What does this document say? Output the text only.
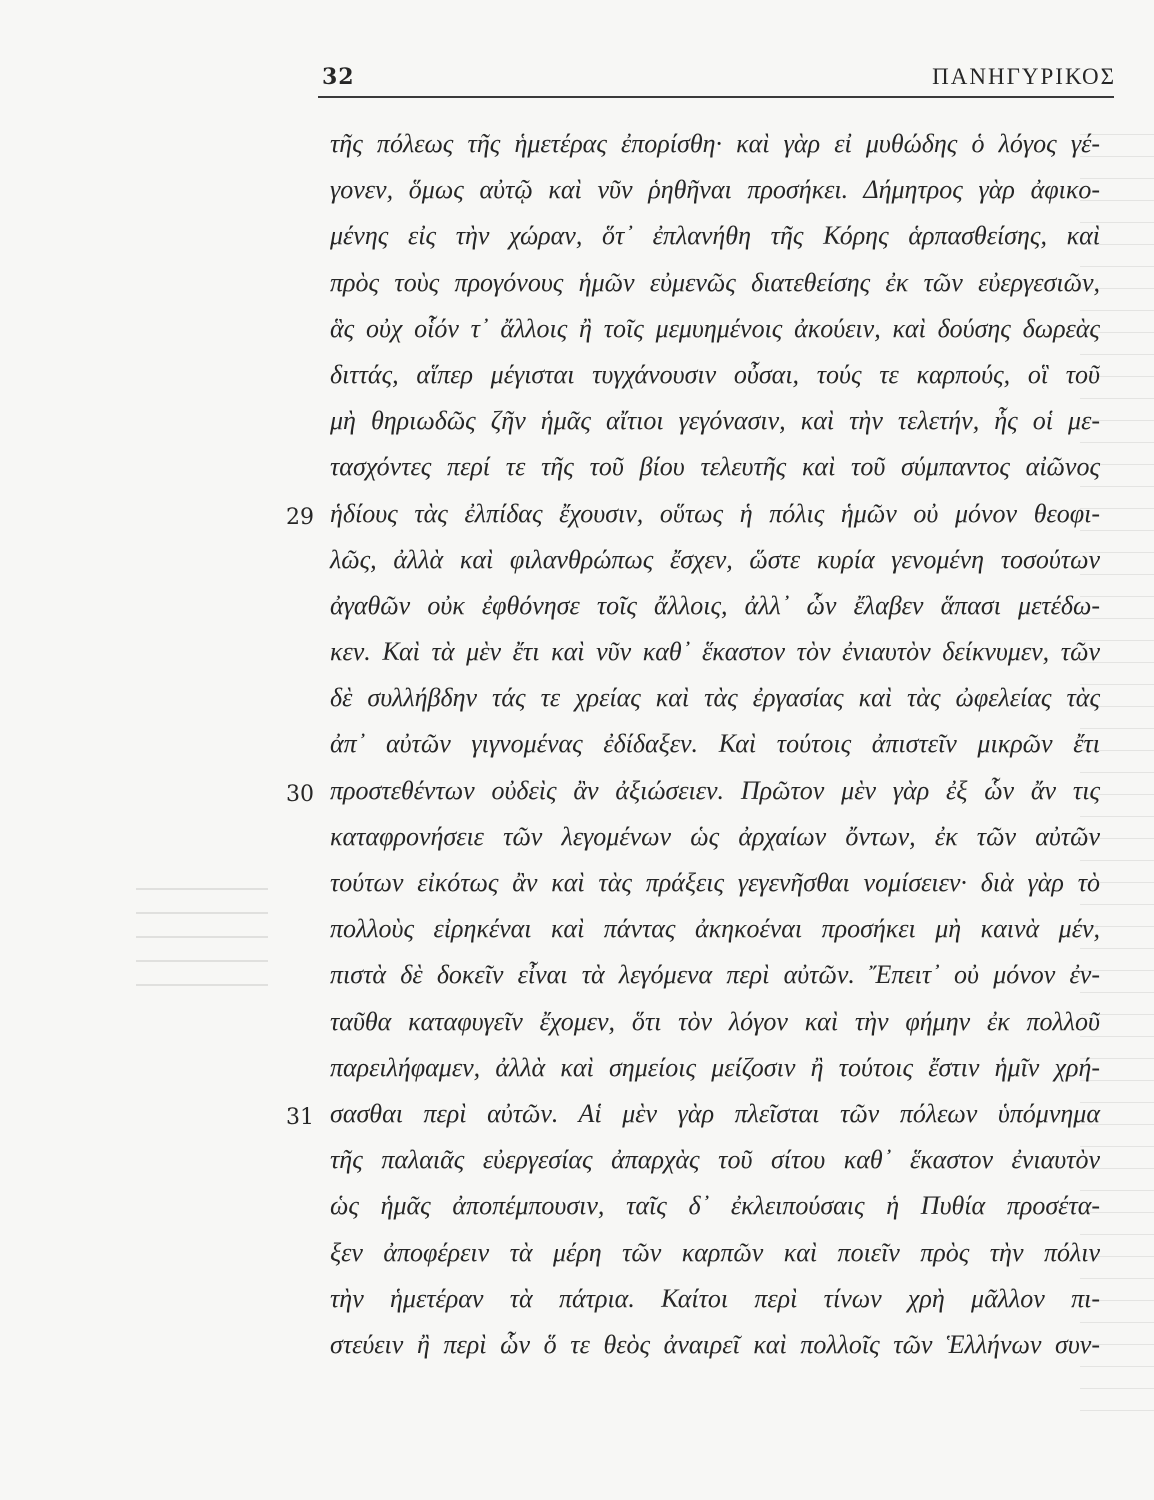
32	ΠΑΝΗΓΥΡΙΚΟΣ
τῆς πόλεως τῆς ἡμετέρας ἐπορίσθη· καὶ γὰρ εἰ μυθώδης ὁ λόγος γέ-
γονεν, ὅμως αὐτῷ καὶ νῦν ῥηθῆναι προσήκει. Δήμητρος γὰρ ἀφικο-
μένης εἰς τὴν χώραν, ὅτ᾽ ἐπλανήθη τῆς Κόρης ἁρπασθείσης, καὶ
πρὸς τοὺς προγόνους ἡμῶν εὐμενῶς διατεθείσης ἐκ τῶν εὐεργεσιῶν,
ἃς οὐχ οἷόν τ᾽ ἄλλοις ἢ τοῖς μεμυημένοις ἀκούειν, καὶ δούσης δωρεὰς
διττάς, αἵπερ μέγισται τυγχάνουσιν οὖσαι, τούς τε καρπούς, οἳ τοῦ
μὴ θηριωδῶς ζῆν ἡμᾶς αἴτιοι γεγόνασιν, καὶ τὴν τελετήν, ἧς οἱ με-
τασχόντες περί τε τῆς τοῦ βίου τελευτῆς καὶ τοῦ σύμπαντος αἰῶνος
29 ἡδίους τὰς ἐλπίδας ἔχουσιν, οὕτως ἡ πόλις ἡμῶν οὐ μόνον θεοφι-
λῶς, ἀλλὰ καὶ φιλανθρώπως ἔσχεν, ὥστε κυρία γενομένη τοσούτων
ἀγαθῶν οὐκ ἐφθόνησε τοῖς ἄλλοις, ἀλλ᾽ ὧν ἔλαβεν ἅπασι μετέδω-
κεν. Καὶ τὰ μὲν ἔτι καὶ νῦν καθ᾽ ἕκαστον τὸν ἐνιαυτὸν δείκνυμεν, τῶν
δὲ συλλήβδην τάς τε χρείας καὶ τὰς ἐργασίας καὶ τὰς ὠφελείας τὰς
ἀπ᾽ αὐτῶν γιγνομένας ἐδίδαξεν. Καὶ τούτοις ἀπιστεῖν μικρῶν ἔτι
30 προστεθέντων οὐδεὶς ἂν ἀξιώσειεν. Πρῶτον μὲν γὰρ ἐξ ὧν ἄν τις
καταφρονήσειε τῶν λεγομένων ὡς ἀρχαίων ὄντων, ἐκ τῶν αὐτῶν
τούτων εἰκότως ἂν καὶ τὰς πράξεις γεγενῆσθαι νομίσειεν· διὰ γὰρ τὸ
πολλοὺς εἰρηκέναι καὶ πάντας ἀκηκοέναι προσήκει μὴ καινὰ μέν,
πιστὰ δὲ δοκεῖν εἶναι τὰ λεγόμενα περὶ αὐτῶν. Ἔπειτ᾽ οὐ μόνον ἐν-
ταῦθα καταφυγεῖν ἔχομεν, ὅτι τὸν λόγον καὶ τὴν φήμην ἐκ πολλοῦ
παρειλήφαμεν, ἀλλὰ καὶ σημείοις μείζοσιν ἢ τούτοις ἔστιν ἡμῖν χρή-
31 σασθαι περὶ αὐτῶν. Αἱ μὲν γὰρ πλεῖσται τῶν πόλεων ὑπόμνημα
τῆς παλαιᾶς εὐεργεσίας ἀπαρχὰς τοῦ σίτου καθ᾽ ἕκαστον ἐνιαυτὸν
ὡς ἡμᾶς ἀποπέμπουσιν, ταῖς δ᾽ ἐκλειπούσαις ἡ Πυθία προσέτα-
ξεν ἀποφέρειν τὰ μέρη τῶν καρπῶν καὶ ποιεῖν πρὸς τὴν πόλιν
τὴν ἡμετέραν τὰ πάτρια. Καίτοι περὶ τίνων χρὴ μᾶλλον πι-
στεύειν ἢ περὶ ὧν ὅ τε θεὸς ἀναιρεῖ καὶ πολλοῖς τῶν Ἑλλήνων συν-
